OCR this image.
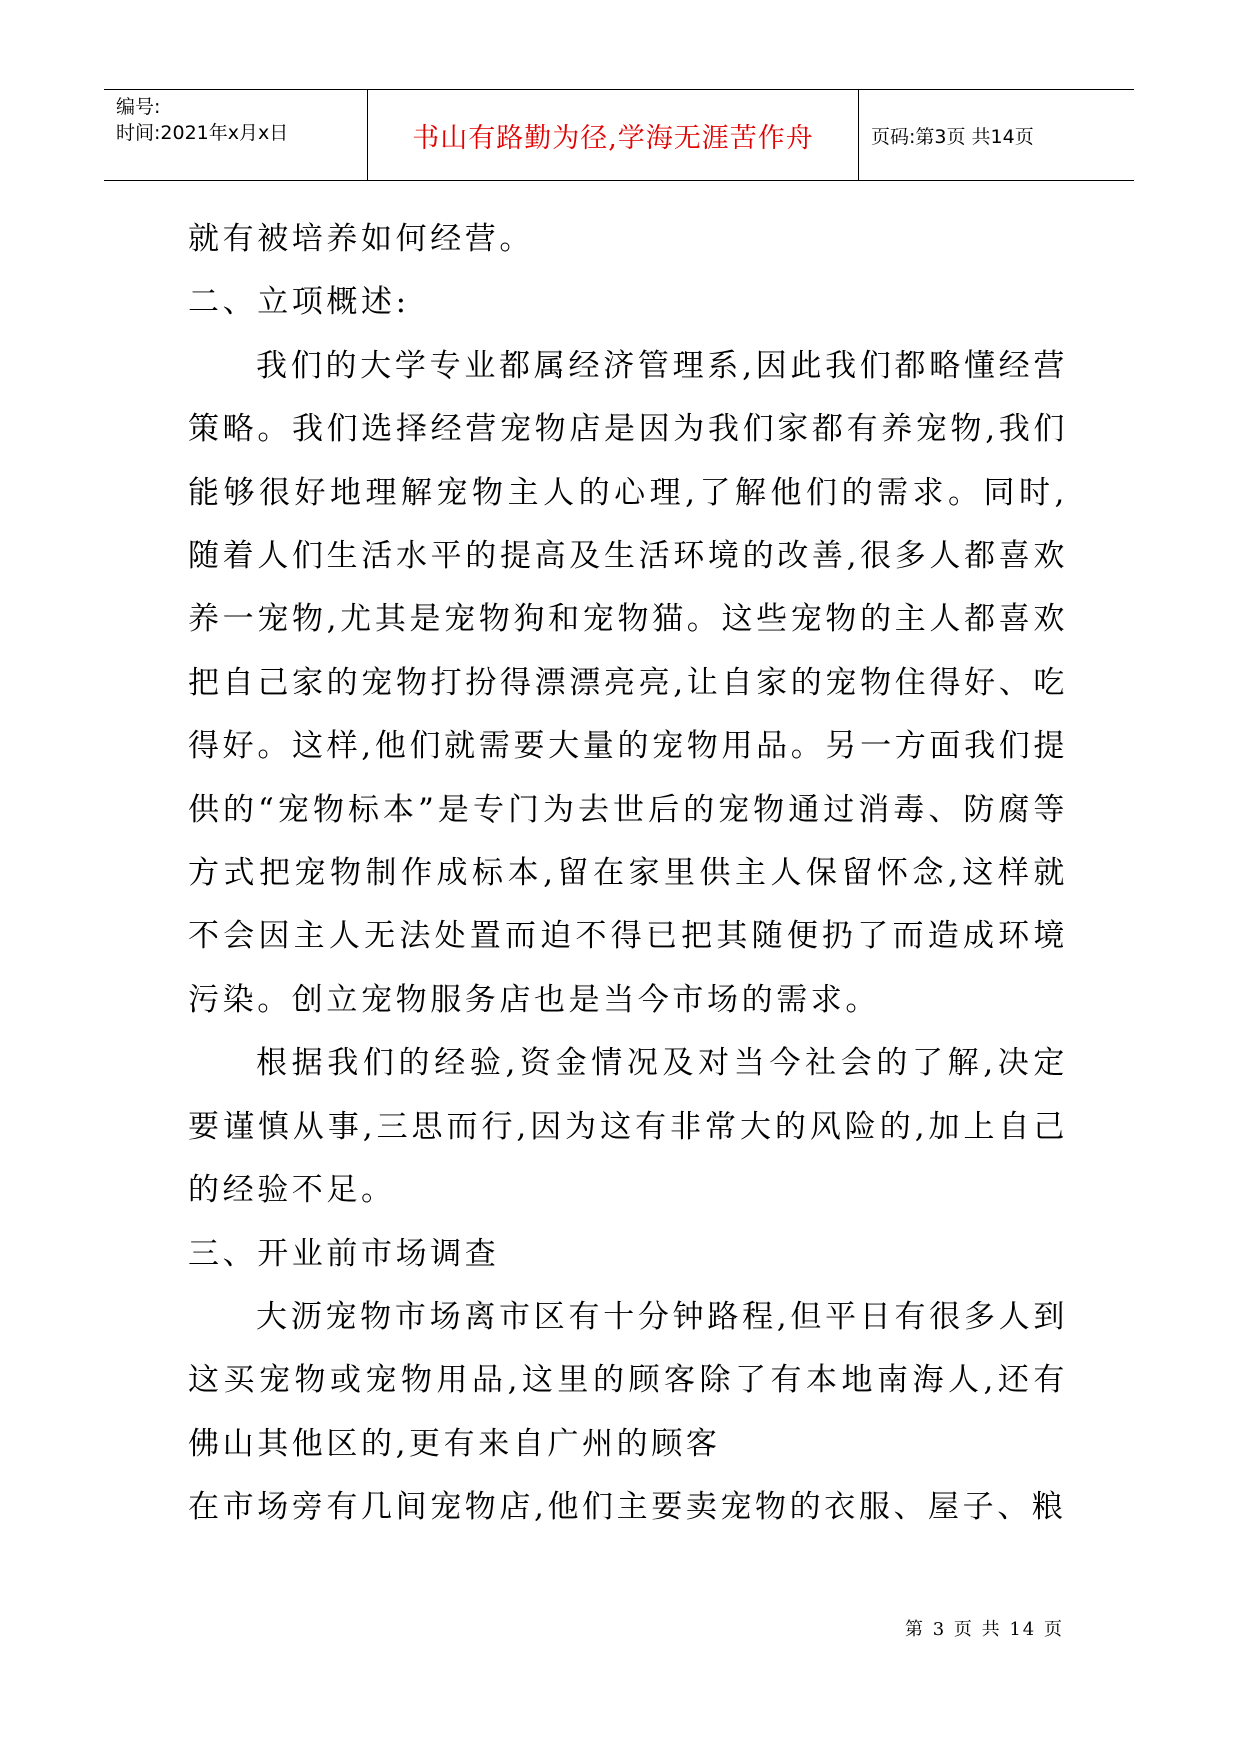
编号:
时间:2021年x月x日	书山有路勤为径,学海无涯苦作舟	页码:第3页 共14页

就有被培养如何经营。

二、立项概述:

我们的大学专业都属经济管理系,因此我们都略懂经营策略。我们选择经营宠物店是因为我们家都有养宠物,我们能够很好地理解宠物主人的心理,了解他们的需求。同时,随着人们生活水平的提高及生活环境的改善,很多人都喜欢养一宠物,尤其是宠物狗和宠物猫。这些宠物的主人都喜欢把自己家的宠物打扮得漂漂亮亮,让自家的宠物住得好、吃得好。这样,他们就需要大量的宠物用品。另一方面我们提供的“宠物标本”是专门为去世后的宠物通过消毒、防腐等方式把宠物制作成标本,留在家里供主人保留怀念,这样就不会因主人无法处置而迫不得已把其随便扔了而造成环境污染。创立宠物服务店也是当今市场的需求。

根据我们的经验,资金情况及对当今社会的了解,决定要谨慎从事,三思而行,因为这有非常大的风险的,加上自己的经验不足。

三、开业前市场调查

大沥宠物市场离市区有十分钟路程,但平日有很多人到这买宠物或宠物用品,这里的顾客除了有本地南海人,还有佛山其他区的,更有来自广州的顾客

在市场旁有几间宠物店,他们主要卖宠物的衣服、屋子、粮

第 3 页 共 14 页
